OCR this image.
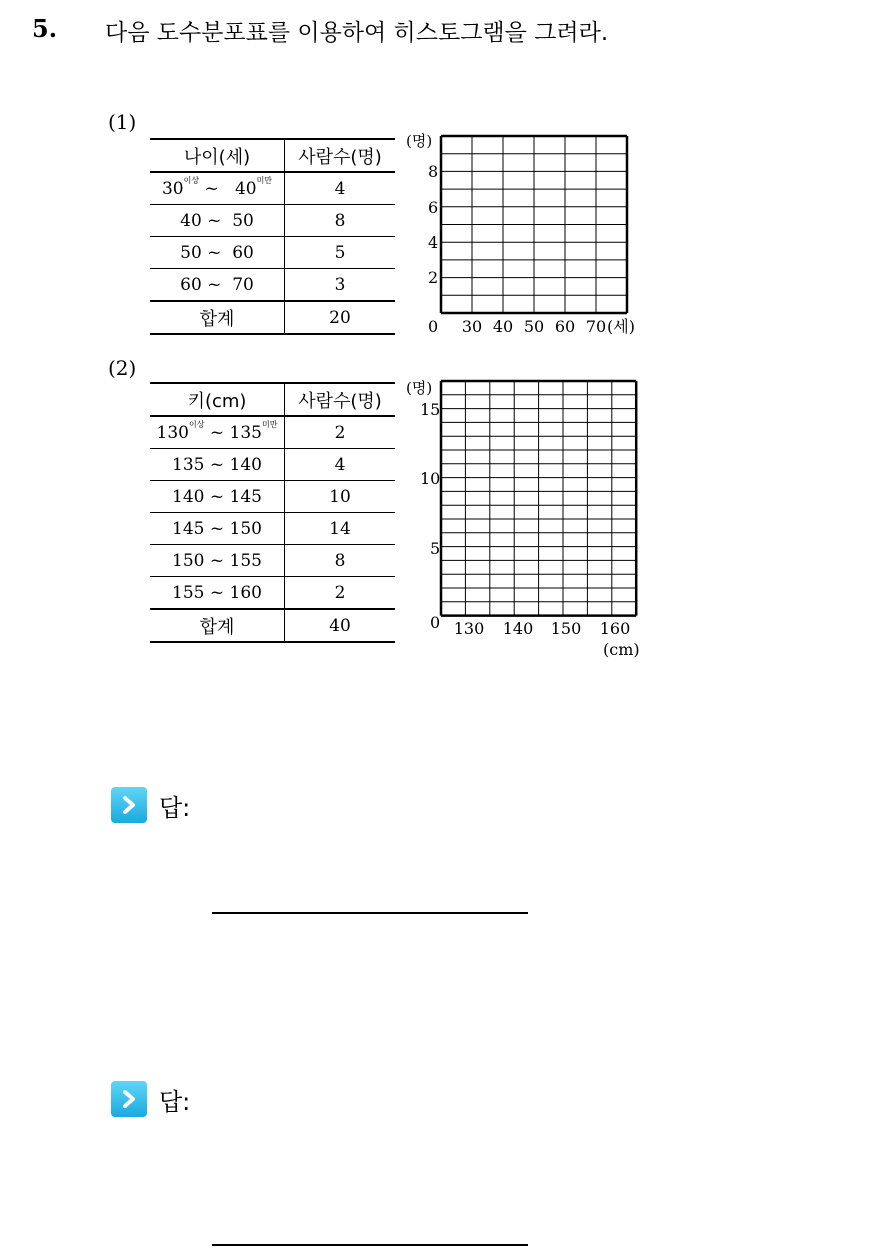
5. 다음 도수분포표를 이용하여 히스토그램을 그려라.
(1)
나이(세)	사람수(명)
$30^{이상}$ ~ $40^{미만}$	4
40 ~ 50	8
50 ~ 60	5
60 ~ 70	3
합계	20
(명)
8
6
4
2
0 30 40 50 60 70 (세)
(2)
키(cm)	사람수(명)
$130^{이상}$ ~ $135^{미만}$	2
135 ~ 140	4
140 ~ 145	10
145 ~ 150	14
150 ~ 155	8
155 ~ 160	2
합계	40
(명)
15
10
5
0 130 140 150 160
(cm)
답:
답:
